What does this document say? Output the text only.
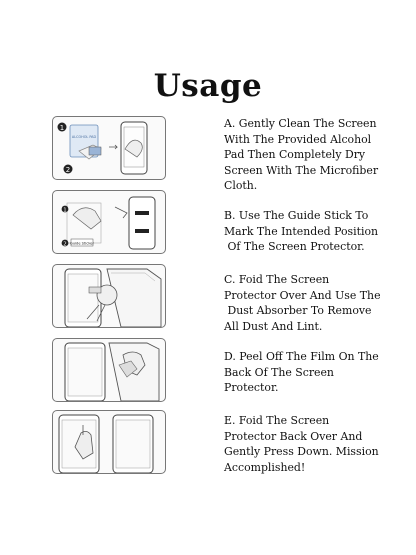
Usage
1
ALCOHOL PAD
2
1
2 Guide Sticker
A. Gently Clean The Screen
With The Provided Alcohol
Pad Then Completely Dry
Screen With The Microfiber
Cloth.
B. Use The Guide Stick To
Mark The Intended Position
Of The Screen Protector.
C. Foid The Screen
Protector Over And Use The
Dust Absorber To Remove
All Dust And Lint.
D. Peel Off The Film On The
Back Of The Screen
Protector.
E. Foid The Screen
Protector Back Over And
Gently Press Down. Mission
Accomplished!
